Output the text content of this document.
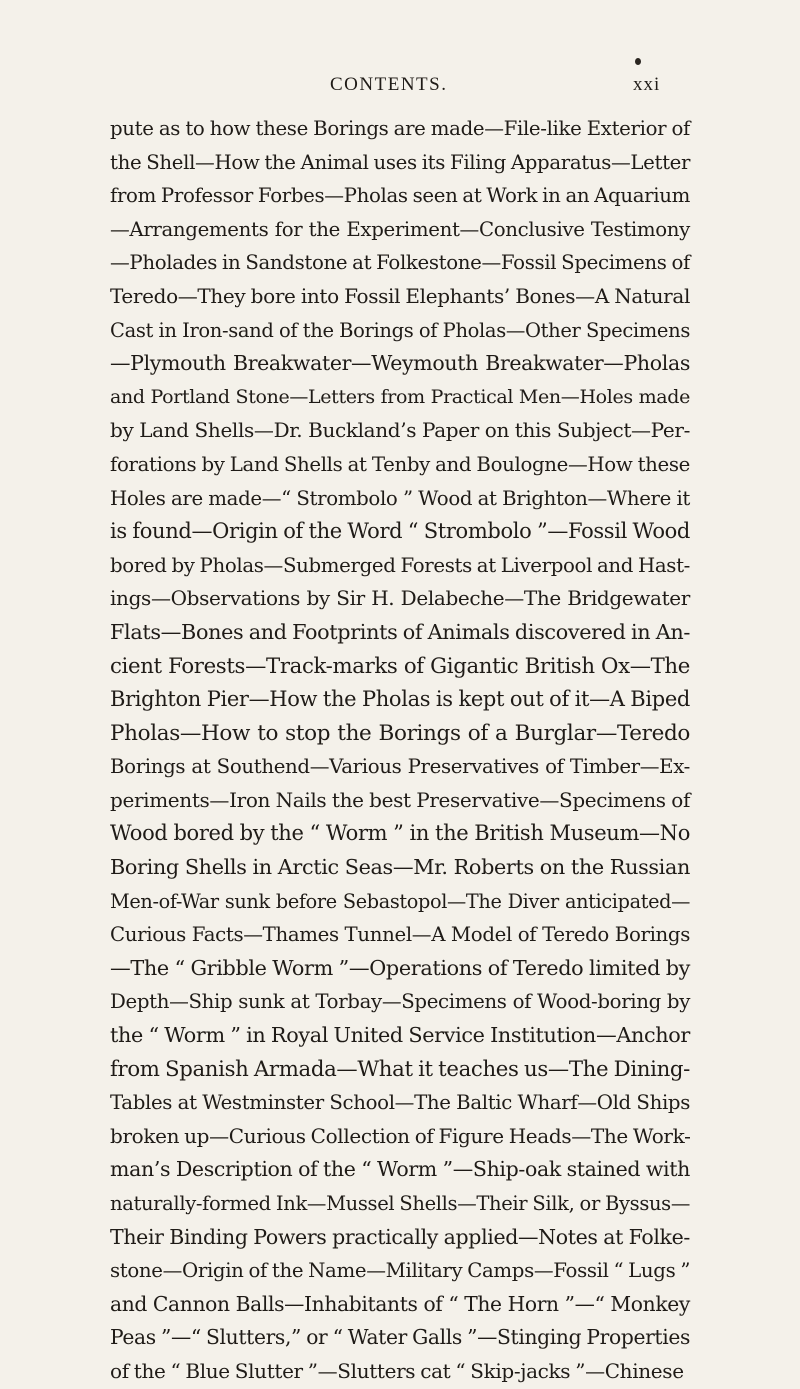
CONTENTS.	xxi
pute as to how these Borings are made—File-like Exterior of
the Shell—How the Animal uses its Filing Apparatus—Letter
from Professor Forbes—Pholas seen at Work in an Aquarium
—Arrangements for the Experiment—Conclusive Testimony
—Pholades in Sandstone at Folkestone—Fossil Specimens of
Teredo—They bore into Fossil Elephants’ Bones—A Natural
Cast in Iron-sand of the Borings of Pholas—Other Specimens
—Plymouth Breakwater—Weymouth Breakwater—Pholas
and Portland Stone—Letters from Practical Men—Holes made
by Land Shells—Dr. Buckland’s Paper on this Subject—Per-
forations by Land Shells at Tenby and Boulogne—How these
Holes are made—“ Strombolo ” Wood at Brighton—Where it
is found—Origin of the Word “ Strombolo ”—Fossil Wood
bored by Pholas—Submerged Forests at Liverpool and Hast-
ings—Observations by Sir H. Delabeche—The Bridgewater
Flats—Bones and Footprints of Animals discovered in An-
cient Forests—Track-marks of Gigantic British Ox—The
Brighton Pier—How the Pholas is kept out of it—A Biped
Pholas—How to stop the Borings of a Burglar—Teredo
Borings at Southend—Various Preservatives of Timber—Ex-
periments—Iron Nails the best Preservative—Specimens of
Wood bored by the “ Worm ” in the British Museum—No
Boring Shells in Arctic Seas—Mr. Roberts on the Russian
Men-of-War sunk before Sebastopol—The Diver anticipated—
Curious Facts—Thames Tunnel—A Model of Teredo Borings
—The “ Gribble Worm ”—Operations of Teredo limited by
Depth—Ship sunk at Torbay—Specimens of Wood-boring by
the “ Worm ” in Royal United Service Institution—Anchor
from Spanish Armada—What it teaches us—The Dining-
Tables at Westminster School—The Baltic Wharf—Old Ships
broken up—Curious Collection of Figure Heads—The Work-
man’s Description of the “ Worm ”—Ship-oak stained with
naturally-formed Ink—Mussel Shells—Their Silk, or Byssus—
Their Binding Powers practically applied—Notes at Folke-
stone—Origin of the Name—Military Camps—Fossil “ Lugs ”
and Cannon Balls—Inhabitants of “ The Horn ”—“ Monkey
Peas ”—“ Slutters,” or “ Water Galls ”—Stinging Properties
of the “ Blue Slutter ”—Slutters cat “ Skip-jacks ”—Chinese
